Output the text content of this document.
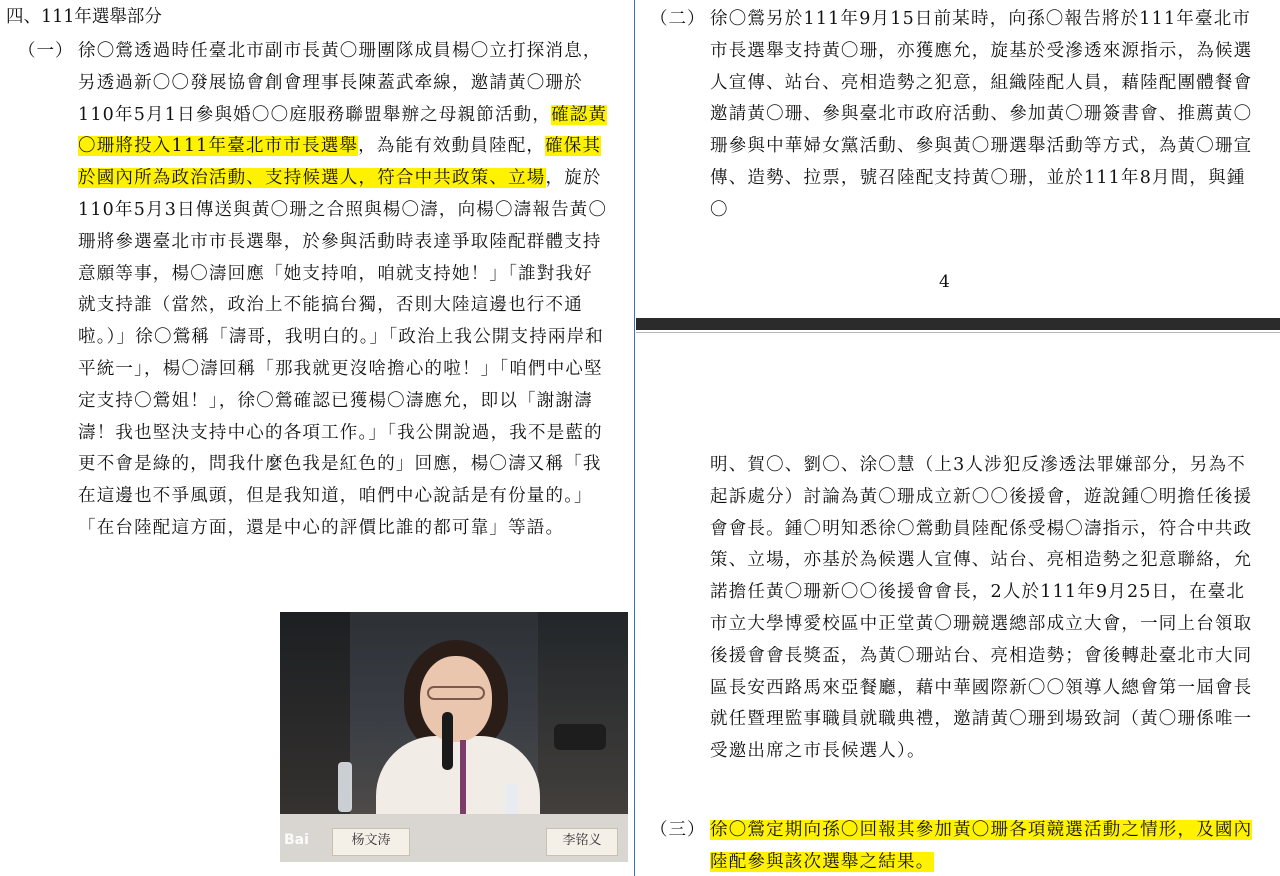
四、111年選舉部分
（一） 徐〇鶯透過時任臺北市副市長黃〇珊團隊成員楊〇立打探消息，另透過新〇〇發展協會創會理事長陳蓋武牽線，邀請黃〇珊於110年5月1日參與婚〇〇庭服務聯盟舉辦之母親節活動，確認黃〇珊將投入111年臺北市市長選舉，為能有效動員陸配，確保其於國內所為政治活動、支持候選人，符合中共政策、立場，旋於110年5月3日傳送與黃〇珊之合照與楊〇濤，向楊〇濤報告黃〇珊將參選臺北市市長選舉，於參與活動時表達爭取陸配群體支持意願等事，楊〇濤回應「她支持咱，咱就支持她！」「誰對我好就支持誰（當然，政治上不能搞台獨，否則大陸這邊也行不通啦。）」徐〇鶯稱「濤哥，我明白的。」「政治上我公開支持兩岸和平統一」，楊〇濤回稱「那我就更沒啥擔心的啦！」「咱們中心堅定支持〇鶯姐！」，徐〇鶯確認已獲楊〇濤應允，即以「謝謝濤濤！我也堅決支持中心的各項工作。」「我公開說過，我不是藍的更不會是綠的，問我什麼色我是紅色的」回應，楊〇濤又稱「我在這邊也不爭風頭，但是我知道，咱們中心說話是有份量的。」「在台陸配這方面，還是中心的評價比誰的都可靠」等語。
杨文涛	李铭义
Bai
（二） 徐〇鶯另於111年9月15日前某時，向孫〇報告將於111年臺北市市長選舉支持黃〇珊，亦獲應允，旋基於受滲透來源指示，為候選人宣傳、站台、亮相造勢之犯意，組織陸配人員，藉陸配團體餐會邀請黃〇珊、參與臺北市政府活動、參加黃〇珊簽書會、推薦黃〇珊參與中華婦女黨活動、參與黃〇珊選舉活動等方式，為黃〇珊宣傳、造勢、拉票，號召陸配支持黃〇珊，並於111年8月間，與鍾〇
4
明、賀〇、劉〇、涂〇慧（上3人涉犯反滲透法罪嫌部分，另為不起訴處分）討論為黃〇珊成立新〇〇後援會，遊說鍾〇明擔任後援會會長。鍾〇明知悉徐〇鶯動員陸配係受楊〇濤指示，符合中共政策、立場，亦基於為候選人宣傳、站台、亮相造勢之犯意聯絡，允諾擔任黃〇珊新〇〇後援會會長，2人於111年9月25日，在臺北市立大學博愛校區中正堂黃〇珊競選總部成立大會，一同上台領取後援會會長獎盃，為黃〇珊站台、亮相造勢；會後轉赴臺北市大同區長安西路馬來亞餐廳，藉中華國際新〇〇領導人總會第一屆會長就任暨理監事職員就職典禮，邀請黃〇珊到場致詞（黃〇珊係唯一受邀出席之市長候選人）。
（三） 徐〇鶯定期向孫〇回報其參加黃〇珊各項競選活動之情形，及國內陸配參與該次選舉之結果。
